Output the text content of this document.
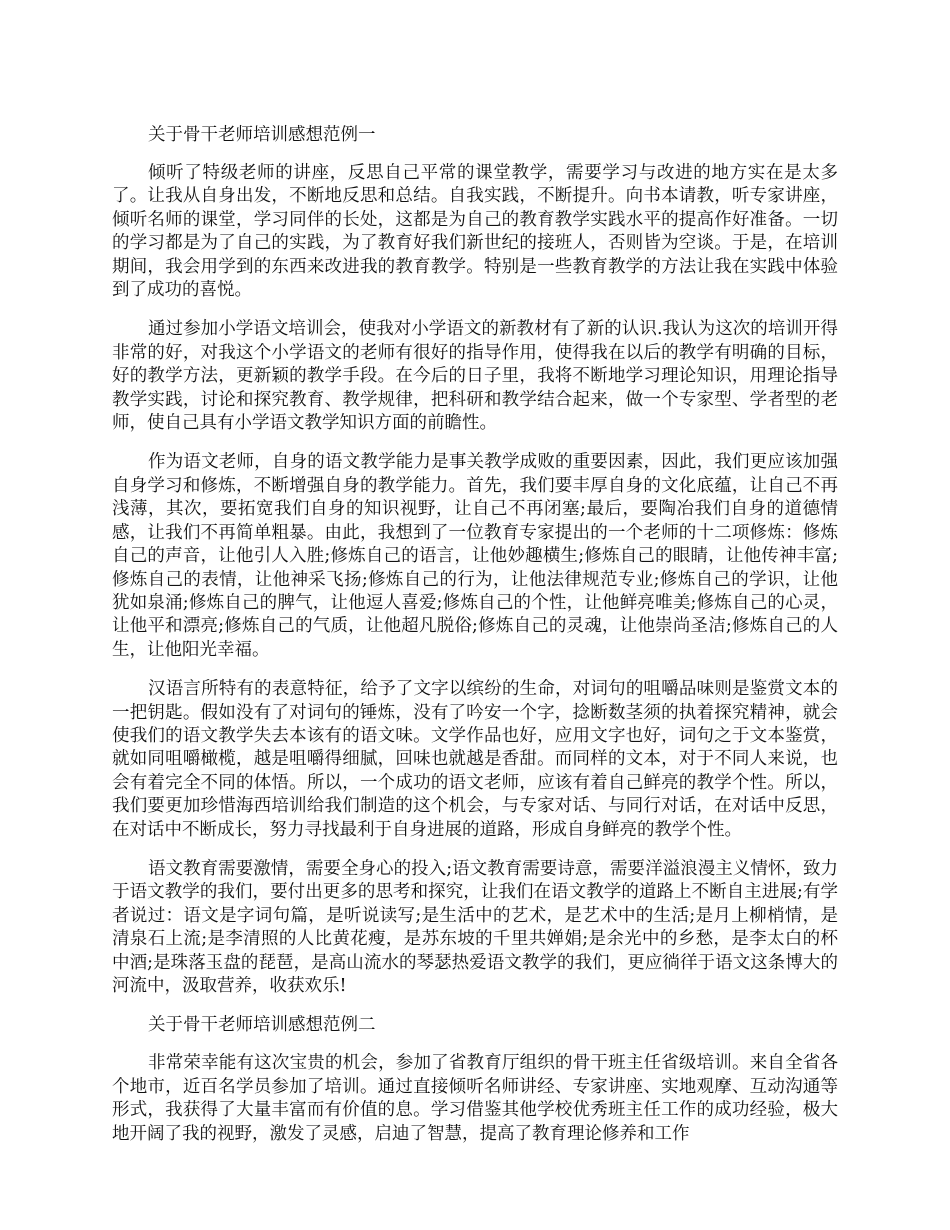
关于骨干老师培训感想范例一

倾听了特级老师的讲座，反思自己平常的课堂教学，需要学习与改进的地方实在是太多了。让我从自身出发，不断地反思和总结。自我实践，不断提升。向书本请教，听专家讲座，倾听名师的课堂，学习同伴的长处，这都是为自己的教育教学实践水平的提高作好准备。一切的学习都是为了自己的实践，为了教育好我们新世纪的接班人，否则皆为空谈。于是，在培训期间，我会用学到的东西来改进我的教育教学。特别是一些教育教学的方法让我在实践中体验到了成功的喜悦。

通过参加小学语文培训会，使我对小学语文的新教材有了新的认识.我认为这次的培训开得非常的好，对我这个小学语文的老师有很好的指导作用，使得我在以后的教学有明确的目标，好的教学方法，更新颖的教学手段。在今后的日子里，我将不断地学习理论知识，用理论指导教学实践，讨论和探究教育、教学规律，把科研和教学结合起来，做一个专家型、学者型的老师，使自己具有小学语文教学知识方面的前瞻性。

作为语文老师，自身的语文教学能力是事关教学成败的重要因素，因此，我们更应该加强自身学习和修炼，不断增强自身的教学能力。首先，我们要丰厚自身的文化底蕴，让自己不再浅薄，其次，要拓宽我们自身的知识视野，让自己不再闭塞;最后，要陶冶我们自身的道德情感，让我们不再简单粗暴。由此，我想到了一位教育专家提出的一个老师的十二项修炼：修炼自己的声音，让他引人入胜;修炼自己的语言，让他妙趣横生;修炼自己的眼睛，让他传神丰富;修炼自己的表情，让他神采飞扬;修炼自己的行为，让他法律规范专业;修炼自己的学识，让他犹如泉涌;修炼自己的脾气，让他逗人喜爱;修炼自己的个性，让他鲜亮唯美;修炼自己的心灵，让他平和漂亮;修炼自己的气质，让他超凡脱俗;修炼自己的灵魂，让他崇尚圣洁;修炼自己的人生，让他阳光幸福。

汉语言所特有的表意特征，给予了文字以缤纷的生命，对词句的咀嚼品味则是鉴赏文本的一把钥匙。假如没有了对词句的锤炼，没有了吟安一个字，捻断数茎须的执着探究精神，就会使我们的语文教学失去本该有的语文味。文学作品也好，应用文字也好，词句之于文本鉴赏，就如同咀嚼橄榄，越是咀嚼得细腻，回味也就越是香甜。而同样的文本，对于不同人来说，也会有着完全不同的体悟。所以，一个成功的语文老师，应该有着自己鲜亮的教学个性。所以，我们要更加珍惜海西培训给我们制造的这个机会，与专家对话、与同行对话，在对话中反思，在对话中不断成长，努力寻找最利于自身进展的道路，形成自身鲜亮的教学个性。

语文教育需要激情，需要全身心的投入;语文教育需要诗意，需要洋溢浪漫主义情怀，致力于语文教学的我们，要付出更多的思考和探究，让我们在语文教学的道路上不断自主进展;有学者说过：语文是字词句篇，是听说读写;是生活中的艺术，是艺术中的生活;是月上柳梢情，是清泉石上流;是李清照的人比黄花瘦，是苏东坡的千里共婵娟;是余光中的乡愁，是李太白的杯中酒;是珠落玉盘的琵琶，是高山流水的琴瑟热爱语文教学的我们，更应徜徉于语文这条博大的河流中，汲取营养，收获欢乐!

关于骨干老师培训感想范例二

非常荣幸能有这次宝贵的机会，参加了省教育厅组织的骨干班主任省级培训。来自全省各个地市，近百名学员参加了培训。通过直接倾听名师讲经、专家讲座、实地观摩、互动沟通等形式，我获得了大量丰富而有价值的息。学习借鉴其他学校优秀班主任工作的成功经验，极大地开阔了我的视野，激发了灵感，启迪了智慧，提高了教育理论修养和工作
